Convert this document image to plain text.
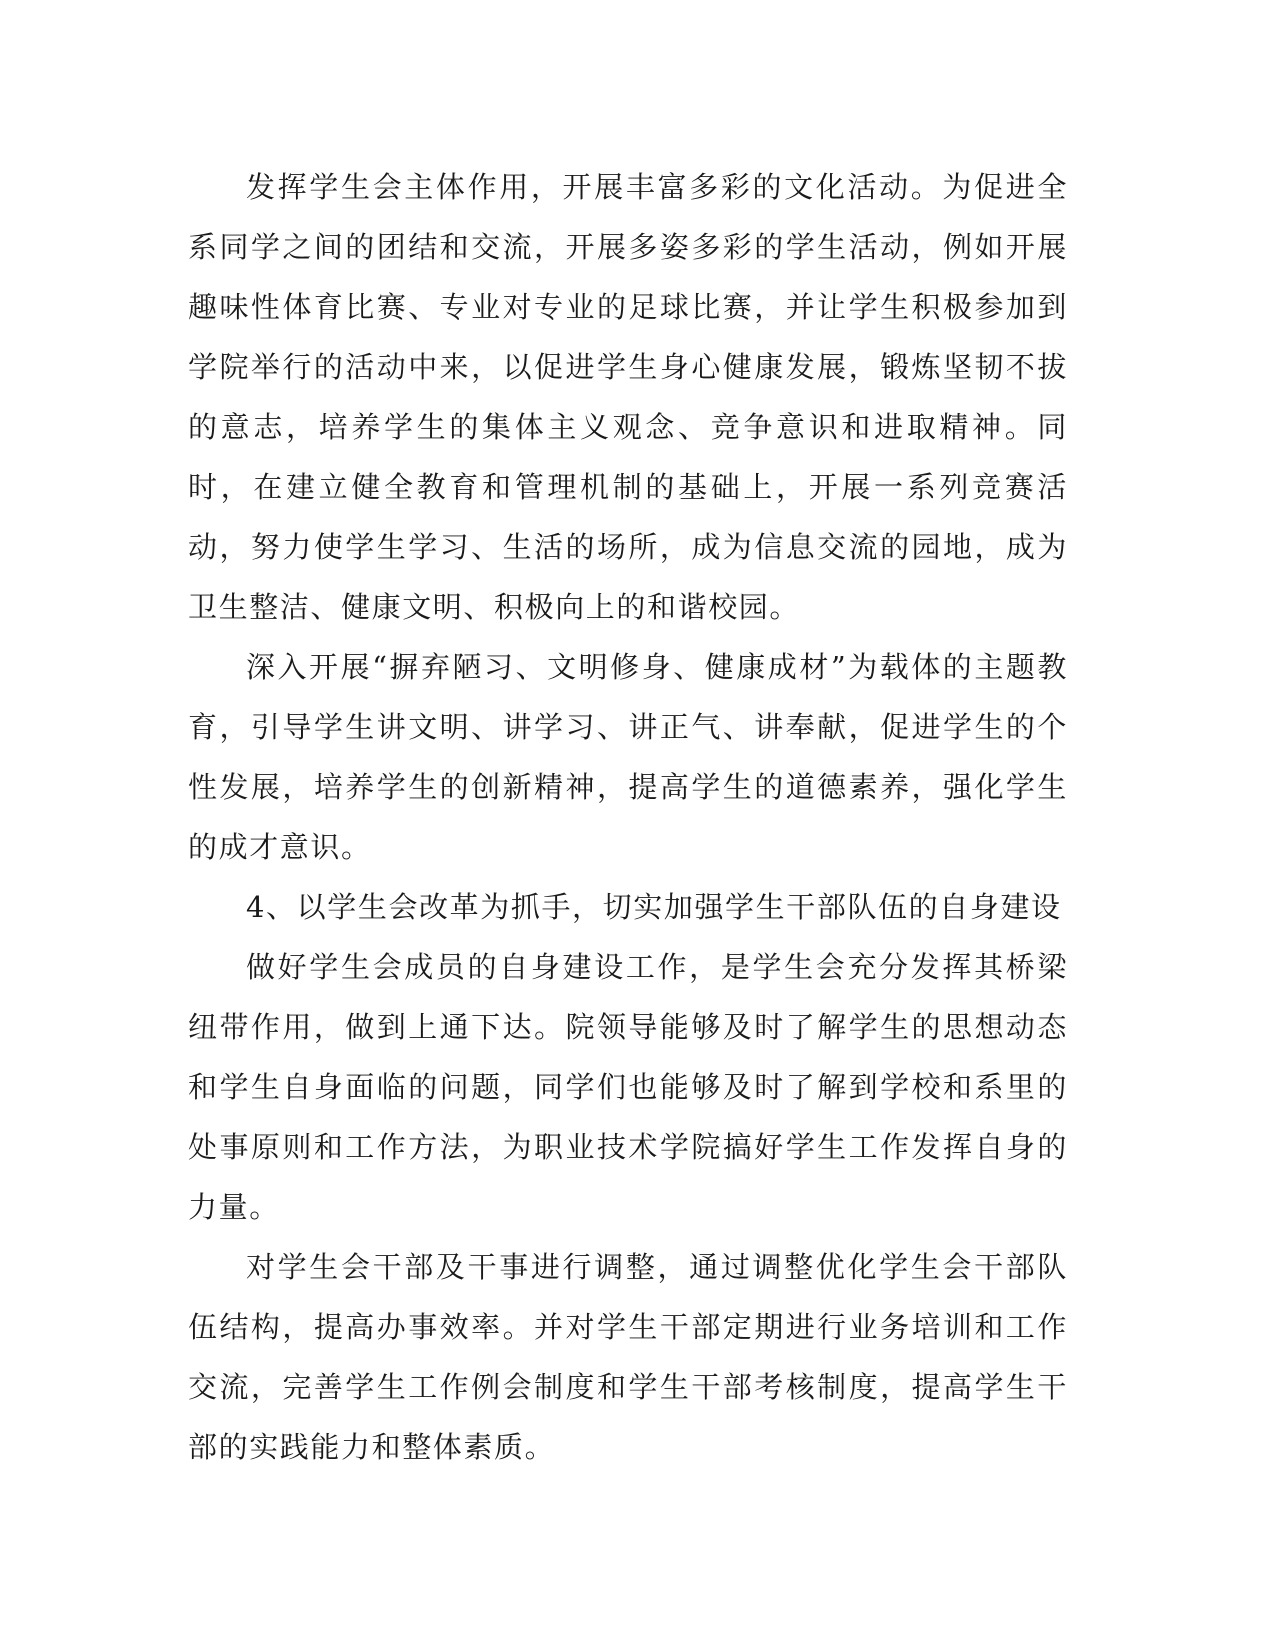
发挥学生会主体作用，开展丰富多彩的文化活动。为促进全系同学之间的团结和交流，开展多姿多彩的学生活动，例如开展趣味性体育比赛、专业对专业的足球比赛，并让学生积极参加到学院举行的活动中来，以促进学生身心健康发展，锻炼坚韧不拔的意志，培养学生的集体主义观念、竞争意识和进取精神。同时，在建立健全教育和管理机制的基础上，开展一系列竞赛活动，努力使学生学习、生活的场所，成为信息交流的园地，成为卫生整洁、健康文明、积极向上的和谐校园。

深入开展“摒弃陋习、文明修身、健康成材”为载体的主题教育，引导学生讲文明、讲学习、讲正气、讲奉献，促进学生的个性发展，培养学生的创新精神，提高学生的道德素养，强化学生的成才意识。

4、以学生会改革为抓手，切实加强学生干部队伍的自身建设

做好学生会成员的自身建设工作，是学生会充分发挥其桥梁纽带作用，做到上通下达。院领导能够及时了解学生的思想动态和学生自身面临的问题，同学们也能够及时了解到学校和系里的处事原则和工作方法，为职业技术学院搞好学生工作发挥自身的力量。

对学生会干部及干事进行调整，通过调整优化学生会干部队伍结构，提高办事效率。并对学生干部定期进行业务培训和工作交流，完善学生工作例会制度和学生干部考核制度，提高学生干部的实践能力和整体素质。
